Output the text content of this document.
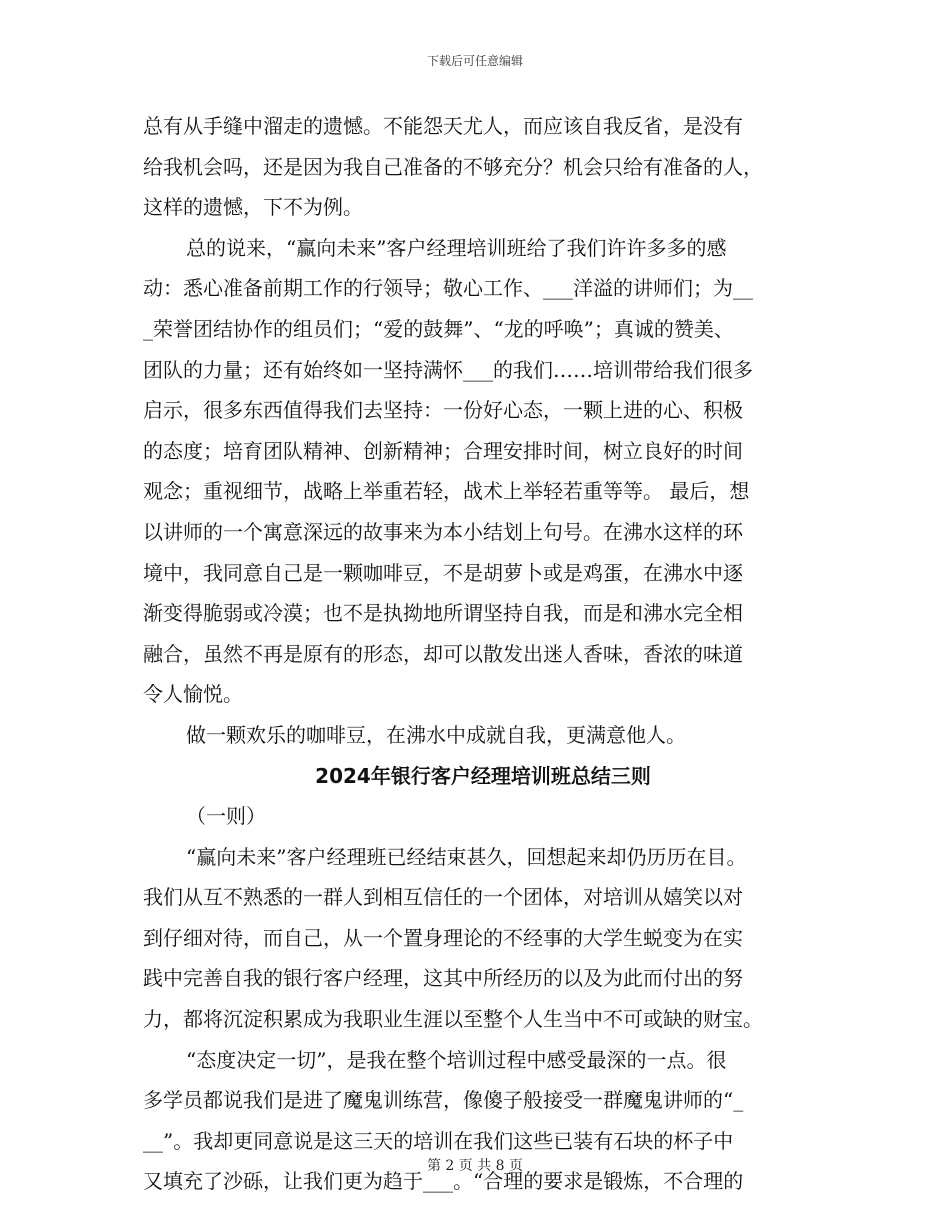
下载后可任意编辑
总有从手缝中溜走的遗憾。不能怨天尤人，而应该自我反省，是没有
给我机会吗，还是因为我自己准备的不够充分？机会只给有准备的人，
这样的遗憾，下不为例。
总的说来，“赢向未来”客户经理培训班给了我们许许多多的感
动：悉心准备前期工作的行领导；敬心工作、___洋溢的讲师们；为__
_荣誉团结协作的组员们；“爱的鼓舞”、“龙的呼唤”；真诚的赞美、
团队的力量；还有始终如一坚持满怀___的我们……培训带给我们很多
启示，很多东西值得我们去坚持：一份好心态，一颗上进的心、积极
的态度；培育团队精神、创新精神；合理安排时间，树立良好的时间
观念；重视细节，战略上举重若轻，战术上举轻若重等等。 最后，想
以讲师的一个寓意深远的故事来为本小结划上句号。在沸水这样的环
境中，我同意自己是一颗咖啡豆，不是胡萝卜或是鸡蛋，在沸水中逐
渐变得脆弱或冷漠；也不是执拗地所谓坚持自我，而是和沸水完全相
融合，虽然不再是原有的形态，却可以散发出迷人香味，香浓的味道
令人愉悦。
做一颗欢乐的咖啡豆，在沸水中成就自我，更满意他人。
2024年银行客户经理培训班总结三则
（一则）
“赢向未来”客户经理班已经结束甚久，回想起来却仍历历在目。
我们从互不熟悉的一群人到相互信任的一个团体，对培训从嬉笑以对
到仔细对待，而自己，从一个置身理论的不经事的大学生蜕变为在实
践中完善自我的银行客户经理，这其中所经历的以及为此而付出的努
力，都将沉淀积累成为我职业生涯以至整个人生当中不可或缺的财宝。
“态度决定一切”，是我在整个培训过程中感受最深的一点。很
多学员都说我们是进了魔鬼训练营，像傻子般接受一群魔鬼讲师的“_
__”。我却更同意说是这三天的培训在我们这些已装有石块的杯子中
又填充了沙砾，让我们更为趋于___。“合理的要求是锻炼，不合理的
第 2 页 共 8 页
